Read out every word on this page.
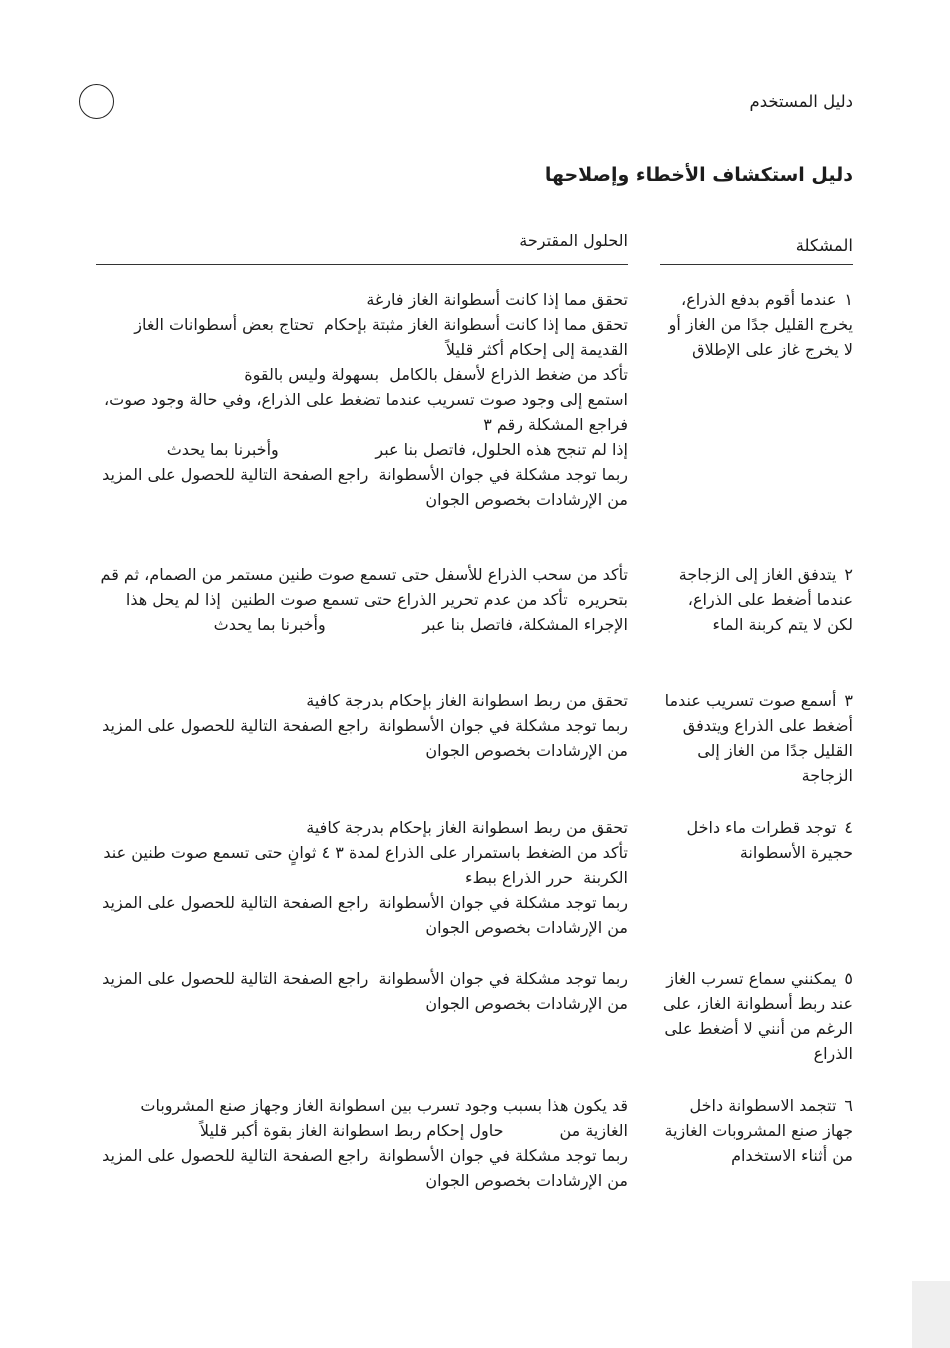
دليل المستخدم
دليل استكشاف الأخطاء وإصلاحها
المشكلة
الحلول المقترحة
١عندما أقوم بدفع الذراع، يخرج القليل جدًا من الغاز أو لا يخرج غاز على الإطلاق
تحقق مما إذا كانت أسطوانة الغاز فارغة
تحقق مما إذا كانت أسطوانة الغاز مثبتة بإحكام  تحتاج بعض أسطوانات الغاز القديمة إلى إحكام أكثر قليلاً
تأكد من ضغط الذراع لأسفل بالكامل  بسهولة وليس بالقوة
استمع إلى وجود صوت تسريب عندما تضغط على الذراع، وفي حالة وجود صوت، فراجع المشكلة رقم ٣
إذا لم تنجح هذه الحلول، فاتصل بنا عبر                   وأخبرنا بما يحدث
ربما توجد مشكلة في جوان الأسطوانة  راجع الصفحة التالية للحصول على المزيد من الإرشادات بخصوص الجوان
٢يتدفق الغاز إلى الزجاجة عندما أضغط على الذراع، لكن لا يتم كربنة الماء
تأكد من سحب الذراع للأسفل حتى تسمع صوت طنين مستمر من الصمام، ثم قم بتحريره  تأكد من عدم تحرير الذراع حتى تسمع صوت الطنين  إذا لم يحل هذا الإجراء المشكلة، فاتصل بنا عبر                   وأخبرنا بما يحدث
٣أسمع صوت تسريب عندما أضغط على الذراع ويتدفق القليل جدًا من الغاز إلى الزجاجة
تحقق من ربط اسطوانة الغاز بإحكام بدرجة كافية
ربما توجد مشكلة في جوان الأسطوانة  راجع الصفحة التالية للحصول على المزيد من الإرشادات بخصوص الجوان
٤توجد قطرات ماء داخل حجيرة الأسطوانة
تحقق من ربط اسطوانة الغاز بإحكام بدرجة كافية
تأكد من الضغط باستمرار على الذراع لمدة ٣ ٤ ثوانٍ حتى تسمع صوت طنين عند الكربنة  حرر الذراع ببطء
ربما توجد مشكلة في جوان الأسطوانة  راجع الصفحة التالية للحصول على المزيد من الإرشادات بخصوص الجوان
٥يمكنني سماع تسرب الغاز عند ربط أسطوانة الغاز، على الرغم من أنني لا أضغط على الذراع
ربما توجد مشكلة في جوان الأسطوانة  راجع الصفحة التالية للحصول على المزيد من الإرشادات بخصوص الجوان
٦تتجمد الاسطوانة داخل جهاز صنع المشروبات الغازية من أثناء الاستخدام
قد يكون هذا بسبب وجود تسرب بين اسطوانة الغاز وجهاز صنع المشروبات الغازية من           حاول إحكام ربط اسطوانة الغاز بقوة أكبر قليلاً
ربما توجد مشكلة في جوان الأسطوانة  راجع الصفحة التالية للحصول على المزيد من الإرشادات بخصوص الجوان
